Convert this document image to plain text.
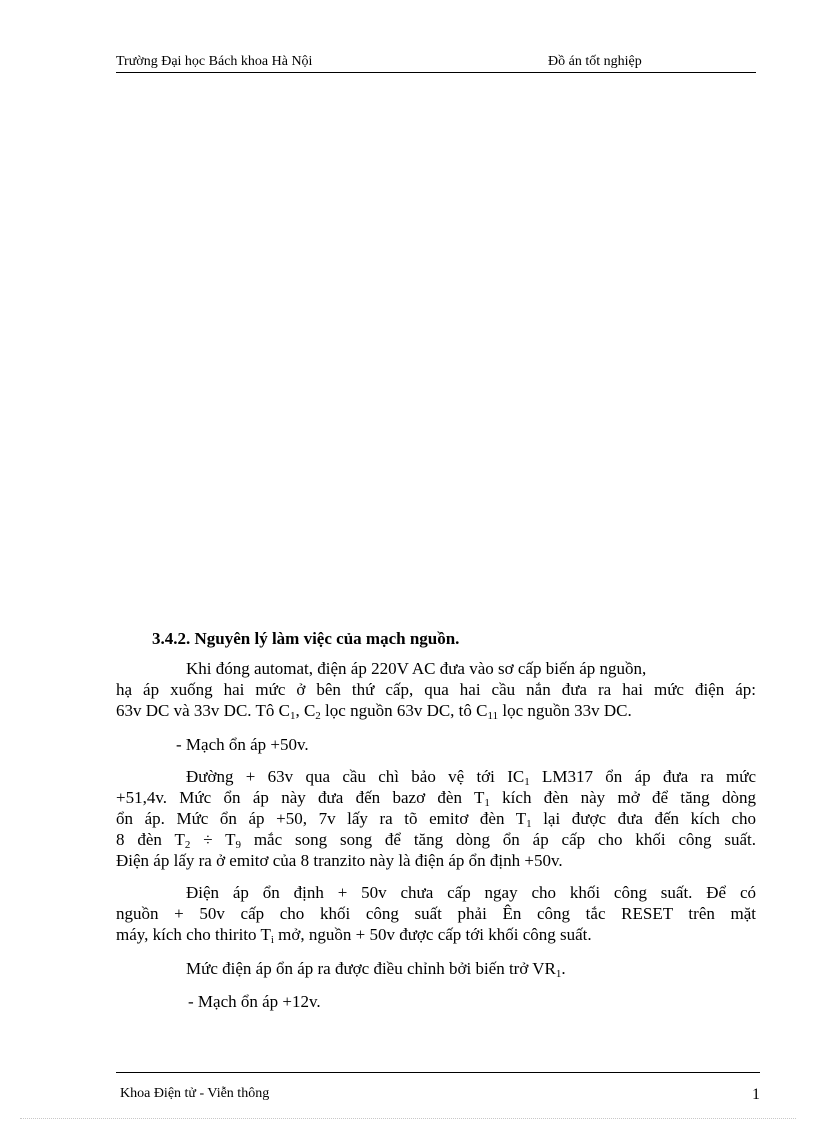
Trường Đại học Bách khoa Hà Nội	Đồ án tốt nghiệp
3.4.2. Nguyên lý làm việc của mạch nguồn.
Khi đóng automat, điện áp 220V AC đưa vào sơ cấp biến áp nguồn,
hạ áp xuống hai mức ở bên thứ cấp, qua hai cầu nắn đưa ra hai mức điện áp:
63v DC và 33v DC. Tô $C_1$, $C_2$ lọc nguồn 63v DC, tô $C_{11}$ lọc nguồn 33v DC.
- Mạch ổn áp +50v.
Đường + 63v qua cầu chì bảo vệ tới $IC_1$ LM317 ổn áp đưa ra mức
+51,4v. Mức ổn áp này đưa đến bazơ đèn $T_1$ kích đèn này mở để tăng dòng
ổn áp. Mức ổn áp +50, 7v lấy ra tõ emitơ đèn $T_1$ lại được đưa đến kích cho
8 đèn $T_2 \div T_9$ mắc song song để tăng dòng ổn áp cấp cho khối công suất.
Điện áp lấy ra ở emitơ của 8 tranzito này là điện áp ổn định +50v.
Điện áp ổn định + 50v chưa cấp ngay cho khối công suất. Để có
nguồn + 50v cấp cho khối công suất phải Ên công tắc RESET trên mặt
máy, kích cho thirito $T_i$ mở, nguồn + 50v được cấp tới khối công suất.
Mức điện áp ổn áp ra được điều chỉnh bởi biến trở $VR_1$.
- Mạch ổn áp +12v.
Khoa Điện tử - Viễn thông	1
